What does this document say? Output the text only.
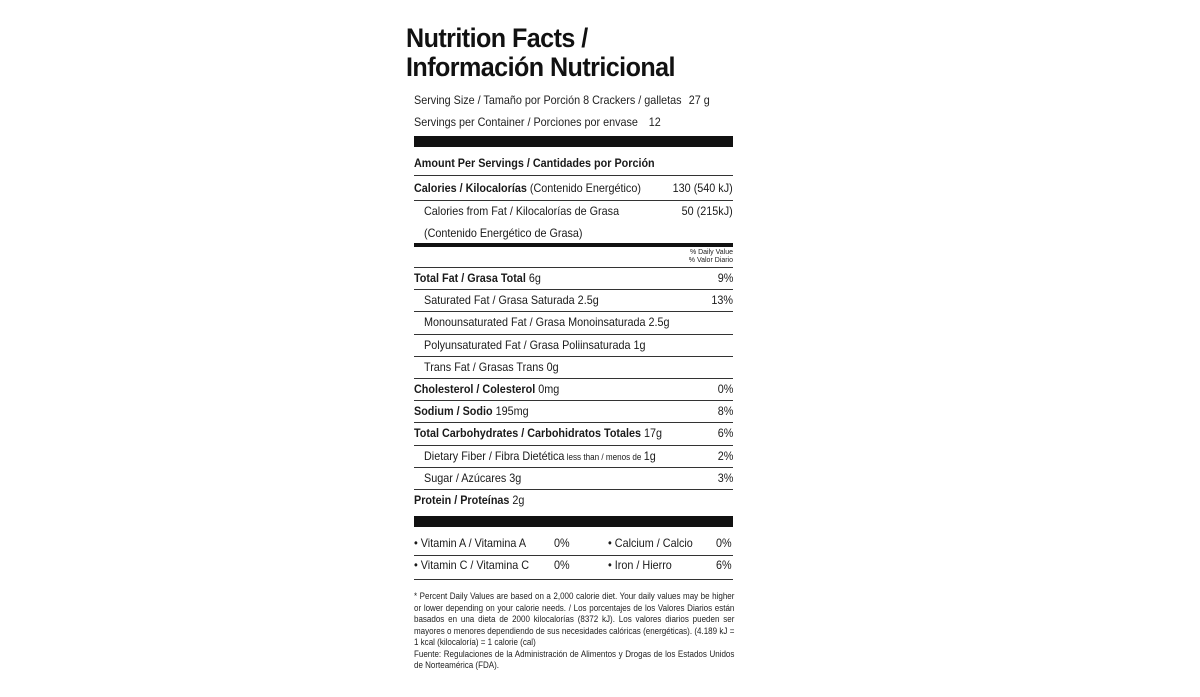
Nutrition Facts /
Información Nutricional
Serving Size / Tamaño por Porción 8 Crackers / galletas 27 g
Servings per Container / Porciones por envase 12
Amount Per Servings / Cantidades por Porción
Calories / Kilocalorías (Contenido Energético)	130 (540 kJ)
Calories from Fat / Kilocalorías de Grasa	50 (215kJ)
(Contenido Energético de Grasa)
% Daily Value
% Valor Diario
Total Fat / Grasa Total 6g	9%
Saturated Fat / Grasa Saturada 2.5g	13%
Monounsaturated Fat / Grasa Monoinsaturada 2.5g
Polyunsaturated Fat / Grasa Poliinsaturada 1g
Trans Fat / Grasas Trans 0g
Cholesterol / Colesterol 0mg	0%
Sodium / Sodio 195mg	8%
Total Carbohydrates / Carbohidratos Totales 17g	6%
Dietary Fiber / Fibra Dietética less than / menos de 1g	2%
Sugar / Azúcares 3g	3%
Protein / Proteínas 2g
• Vitamin A / Vitamina A 0%	• Calcium / Calcio 0%
• Vitamin C / Vitamina C 0%	• Iron / Hierro	6%

* Percent Daily Values are based on a 2,000 calorie diet. Your daily values may be higher or lower depending on your calorie needs. / Los porcentajes de los Valores Diarios están basados en una dieta de 2000 kilocalorías (8372 kJ). Los valores diarios pueden ser mayores o menores dependiendo de sus necesidades calóricas (energéticas). (4.189 kJ = 1 kcal (kilocaloría) = 1 calorie (cal)

Fuente: Regulaciones de la Administración de Alimentos y Drogas de los Estados Unidos de Norteamérica (FDA).
